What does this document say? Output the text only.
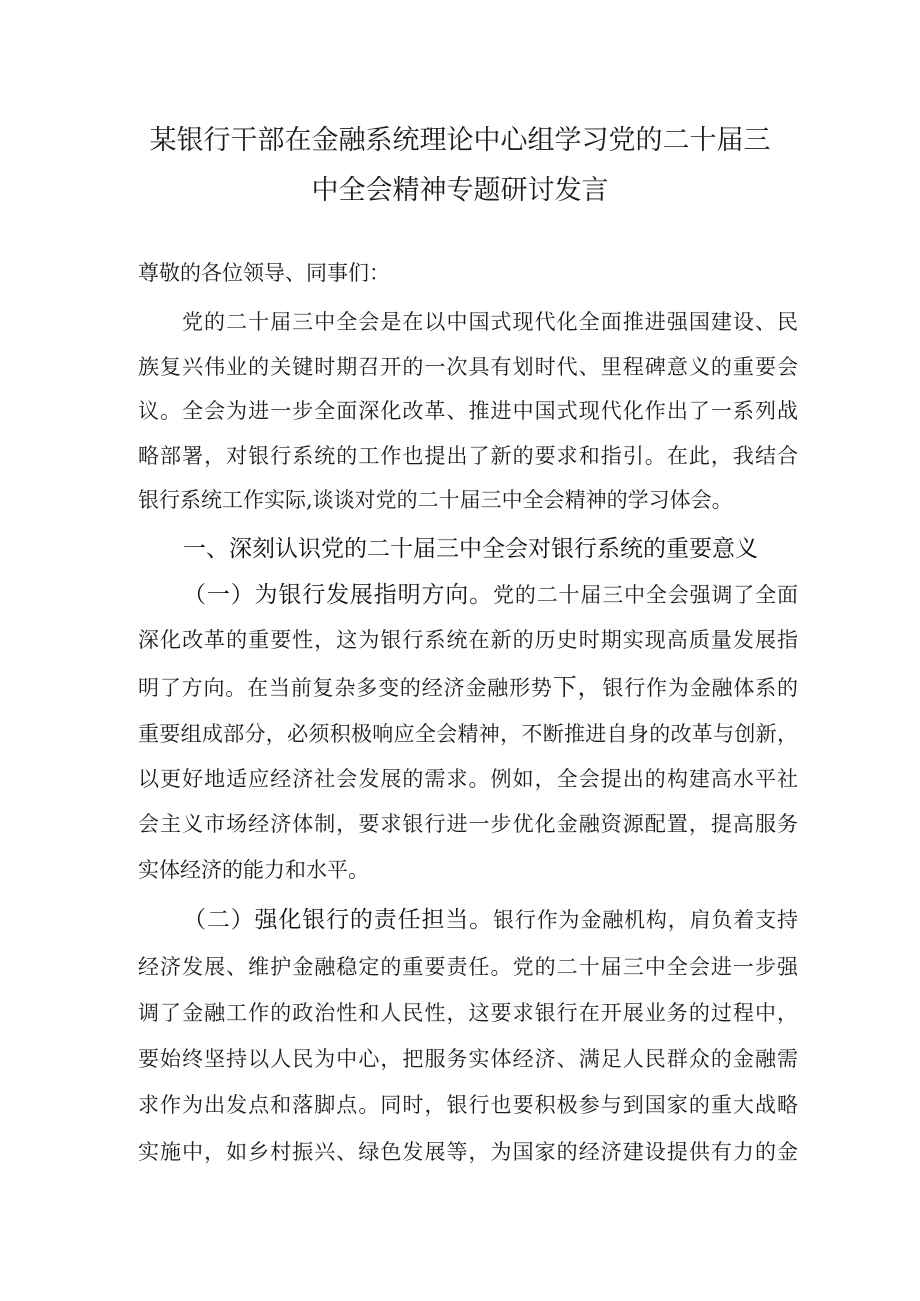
某银行干部在金融系统理论中心组学习党的二十届三
中全会精神专题研讨发言
尊敬的各位领导、同事们：
党的二十届三中全会是在以中国式现代化全面推进强国建设、民
族复兴伟业的关键时期召开的一次具有划时代、里程碑意义的重要会
议。全会为进一步全面深化改革、推进中国式现代化作出了一系列战
略部署，对银行系统的工作也提出了新的要求和指引。在此，我结合
银行系统工作实际,谈谈对党的二十届三中全会精神的学习体会。
一、深刻认识党的二十届三中全会对银行系统的重要意义
（一）为银行发展指明方向。党的二十届三中全会强调了全面
深化改革的重要性，这为银行系统在新的历史时期实现高质量发展指
明了方向。在当前复杂多变的经济金融形势下，银行作为金融体系的
重要组成部分，必须积极响应全会精神，不断推进自身的改革与创新，
以更好地适应经济社会发展的需求。例如，全会提出的构建高水平社
会主义市场经济体制，要求银行进一步优化金融资源配置，提高服务
实体经济的能力和水平。
（二）强化银行的责任担当。银行作为金融机构，肩负着支持
经济发展、维护金融稳定的重要责任。党的二十届三中全会进一步强
调了金融工作的政治性和人民性，这要求银行在开展业务的过程中，
要始终坚持以人民为中心，把服务实体经济、满足人民群众的金融需
求作为出发点和落脚点。同时，银行也要积极参与到国家的重大战略
实施中，如乡村振兴、绿色发展等，为国家的经济建设提供有力的金
